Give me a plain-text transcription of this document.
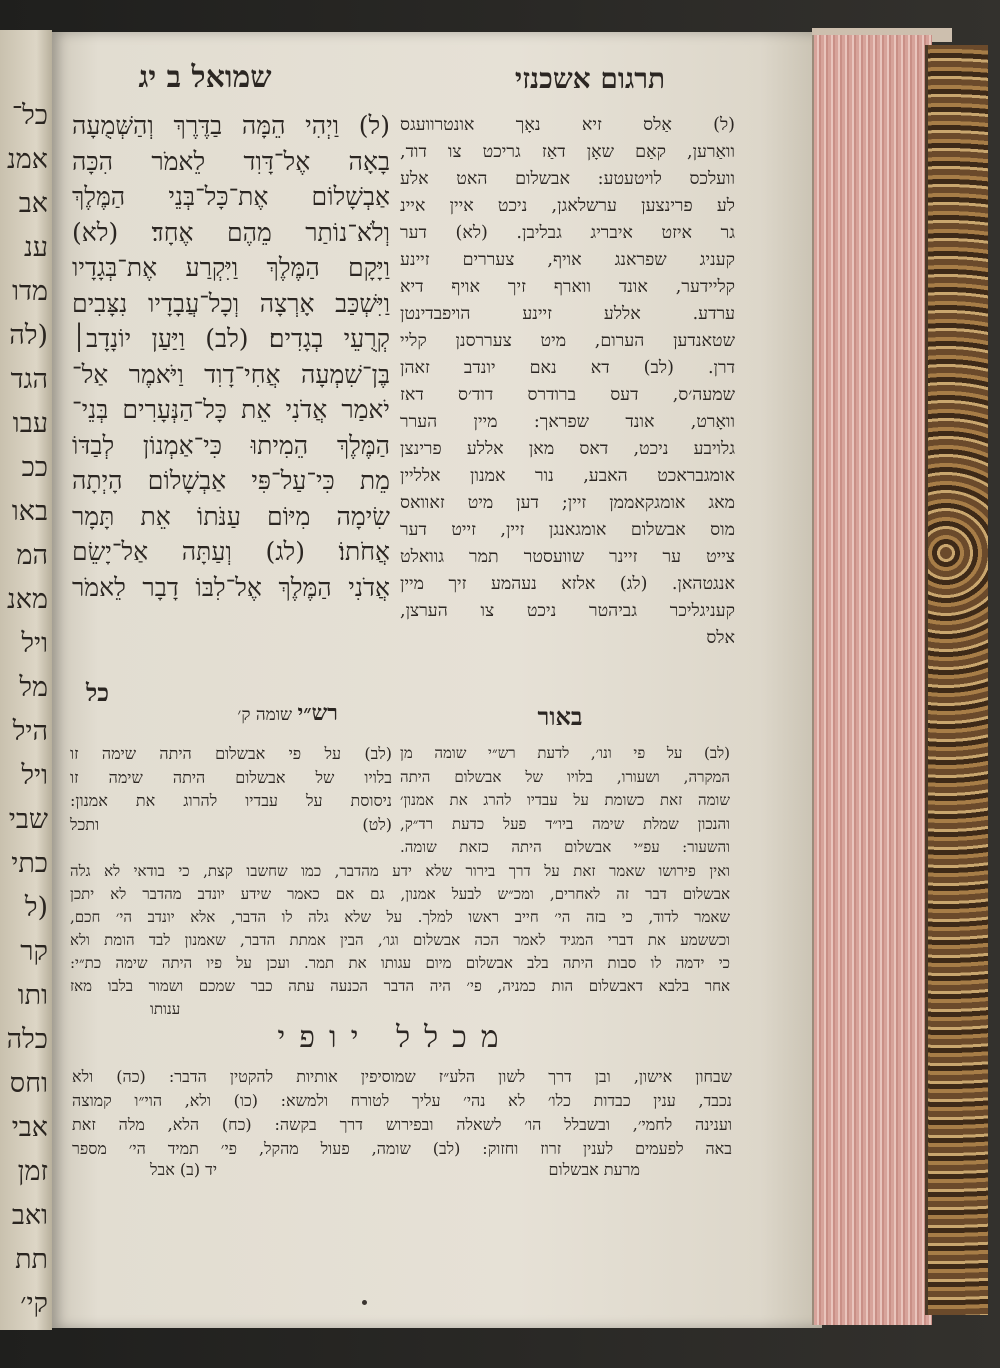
כל־
אמנ
אב
ענ
מדו
(לה
הגד
עבו
ככ
באו
המ
מאנ
ויל
מל
היל
ויל
שבי
כתי
(ל
קר
ותו
כלה
וחס
אבי
זמן
ואב
תת
קי׳
שמואל ב יג	תרגום אשכנזי
(ל) וַיְהִי הֵמָּה בַדֶּרֶךְ וְהַשְּׁמֻעָה
בָאָה אֶל־דָּוִד לֵאמֹר הִכָּה
אַבְשָׁלוֹם אֶת־כָּל־בְּנֵי הַמֶּלֶךְ
וְלֹא־נוֹתַר מֵהֶם אֶחָד׃ (לא)
וַיָּקָם הַמֶּלֶךְ וַיִּקְרַע אֶת־בְּגָדָיו
וַיִּשְׁכַּב אָרְצָה וְכָל־עֲבָדָיו נִצָּבִים
קְרֻעֵי בְגָדִים׃ (לב) וַיַּעַן יוֹנָדָב׀
בֶּן־שִׁמְעָה אֲחִי־דָוִד וַיֹּאמֶר אַל־
יֹאמַר אֲדֹנִי אֵת כָּל־הַנְּעָרִים בְּנֵי־
הַמֶּלֶךְ הֵמִיתוּ כִּי־אַמְנוֹן לְבַדּוֹ
מֵת כִּי־עַל־פִּי אַבְשָׁלוֹם הָיְתָה
שִׂימָה מִיּוֹם עַנֹּתוֹ אֵת תָּמָר
אֲחֹתוֹ׃ (לג) וְעַתָּה אַל־יָשֵׂם
אֲדֹנִי הַמֶּלֶךְ אֶל־לִבּוֹ דָבָר לֵאמֹר
(ל) אַלס זיא נאָך אונטרוועגס
וואַרען, קאַם שאָן דאַז גריכט צו דוד,
וועלכס לויטעטע: אבשלום האט אלע
לע פרינצען ערשלאגן, ניכט איין איינ
גר איזט איבריג גבליבן. (לא) דער
קעניג שפראנג אויף, צעררים זיינע
קליידער, אונד ווארף זיך אויף דיא
ערדע. אללע זיינע הויפבדינטן
שטאנדען הערום, מיט צעררסנן קליי
דרן. (לב) דא נאם יונדב זאהן
שמעה׳ס, דעס ברודרס דוד׳ס דאז
וואָרט, אונד שפראך: מיין הערר
גלויבע ניכט, דאס מאן אללע פרינצן
אומגבראכט האבע, נור אמנון אלליין
מאג אומגקאממן זיין; דען מיט זאוואס
מוס אבשלום אומגאנגן זיין, זייט דער
צייט ער זיינר שוועסטר תמר גוואלט
אנגטהאן. (לג) אלזא נעהמע זיך מיין
קעניגליכר גביהטר ניכט צו הערצן,
אלס
כל
רש״י שומה ק׳	באור
(לב) על פי אבשלום היתה שימה זו
בלויו של אבשלום היתה שימה זו
ניסוסת על עבדיו להרוג את אמנון:
(לט) ותכל
(לב) על פי ונו׳, לדעת רש״י שומה מן
המקרה, ושעורו, בלויו של אבשלום היתה
שומה זאת כשומת על עבדיו להרג את אמנון׳
והנכון שמלת שימה ביו״ד פעל כדעת רד״ק,
והשעור: עפ״י אבשלום היתה כזאת שומה.
ואין פירושו שאמר זאת על דרך בירור שלא ידע מהדבר, כמו שחשבו קצת, כי בודאי לא גלה
אבשלום דבר זה לאחרים, ומכ״ש לבעל אמנון, גם אם כאמר שידע יונדב מהדבר לא יתכן
שאמר לדוד, כי בזה הי׳ חייב ראשו למלך. על שלא גלה לו הדבר, אלא יונדב הי׳ חכם,
וכששמע את דברי המגיד לאמר הכה אבשלום וגו׳, הבין אמתת הדבר, שאמנון לבד הומת ולא
כי ידמה לו סבות היתה בלב אבשלום מיום עגותו את תמר. ועכן על פיו היתה שימה כת״י:
אחר בלבא דאבשלום הות כמניה, פי׳ היה הדבר הכנעה עתה כבר שמכם ושמור בלבו מאז
ענותו
מכלל יופי
שבחון אישון, ובן דרך לשון הלע״ז שמוסיפין אותיות להקטין הדבר: (כה) ולא
נכבד, ענין כבדות כלו׳ לא נהי׳ עליך לטורח ולמשא: (כו) ולא, הוי״ו קמוצה
וענינה לחמי׳, ובשבלל הו׳ לשאלה ובפירוש דרך בקשה: (כח) הלא, מלה זאת
באה לפעמים לענין זרוז וחזוק: (לב) שומה, פעול מהקל, פי׳ תמיד הי׳ מספר
מרעת אבשלום
יד (ב) אבל
